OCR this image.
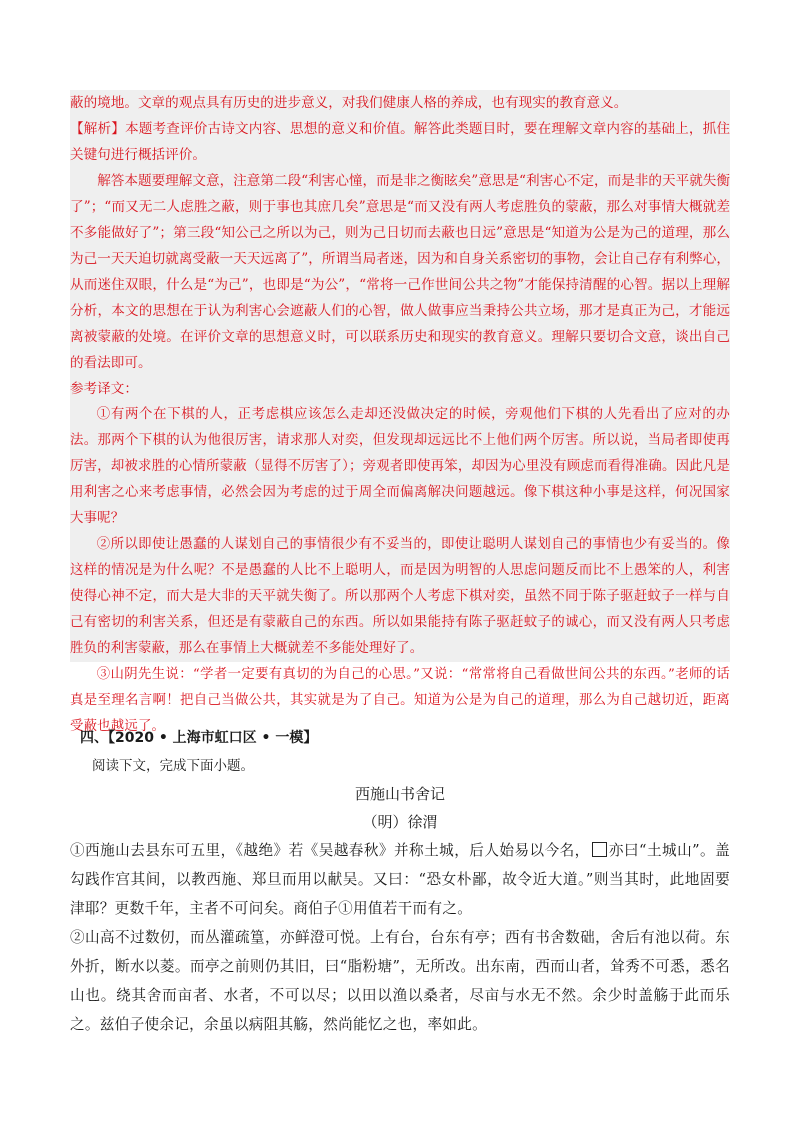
蔽的境地。文章的观点具有历史的进步意义，对我们健康人格的养成，也有现实的教育意义。

【解析】本题考查评价古诗文内容、思想的意义和价值。解答此类题目时，要在理解文章内容的基础上，抓住关键句进行概括评价。

解答本题要理解文意，注意第二段“利害心憧，而是非之衡眩矣”意思是“利害心不定，而是非的天平就失衡了”；“而又无二人虑胜之蔽，则于事也其庶几矣”意思是“而又没有两人考虑胜负的蒙蔽，那么对事情大概就差不多能做好了”；第三段“知公己之所以为己，则为己日切而去蔽也日远”意思是“知道为公是为己的道理，那么为己一天天迫切就离受蔽一天天远离了”，所谓当局者迷，因为和自身关系密切的事物，会让自己存有利弊心，从而迷住双眼，什么是“为己”，也即是“为公”，“常将一己作世间公共之物”才能保持清醒的心智。据以上理解分析，本文的思想在于认为利害心会遮蔽人们的心智，做人做事应当秉持公共立场，那才是真正为己，才能远离被蒙蔽的处境。在评价文章的思想意义时，可以联系历史和现实的教育意义。理解只要切合文意，谈出自己的看法即可。

参考译文：

①有两个在下棋的人，正考虑棋应该怎么走却还没做决定的时候，旁观他们下棋的人先看出了应对的办法。那两个下棋的认为他很厉害，请求那人对奕，但发现却远远比不上他们两个厉害。所以说，当局者即使再厉害，却被求胜的心情所蒙蔽（显得不厉害了）；旁观者即使再笨，却因为心里没有顾虑而看得准确。因此凡是用利害之心来考虑事情，必然会因为考虑的过于周全而偏离解决问题越远。像下棋这种小事是这样，何况国家大事呢？

②所以即使让愚蠢的人谋划自己的事情很少有不妥当的，即使让聪明人谋划自己的事情也少有妥当的。像这样的情况是为什么呢？不是愚蠢的人比不上聪明人，而是因为明智的人思虑问题反而比不上愚笨的人，利害使得心神不定，而大是大非的天平就失衡了。所以那两个人考虑下棋对奕，虽然不同于陈子驱赶蚊子一样与自己有密切的利害关系，但还是有蒙蔽自己的东西。所以如果能持有陈子驱赶蚊子的诚心，而又没有两人只考虑胜负的利害蒙蔽，那么在事情上大概就差不多能处理好了。

③山阴先生说：“学者一定要有真切的为自己的心思。”又说：“常常将自己看做世间公共的东西。”老师的话真是至理名言啊！把自己当做公共，其实就是为了自己。知道为公是为自己的道理，那么为自己越切近，距离受蔽也越远了。

四、【2020 • 上海市虹口区 • 一模】

阅读下文，完成下面小题。

西施山书舍记

（明）徐渭

①西施山去县东可五里，《越绝》若《吴越春秋》并称土城，后人始易以今名， 亦曰“土城山”。盖勾践作宫其间，以教西施、郑旦而用以献吴。又曰：“恐女朴鄙，故令近大道。”则当其时，此地固要津耶？更数千年，主者不可问矣。商伯子①用值若干而有之。

②山高不过数仞，而丛灌疏篁，亦鲜澄可悦。上有台，台东有亭；西有书舍数础，舍后有池以荷。东外折，断水以菱。而亭之前则仍其旧，曰“脂粉塘”，无所改。出东南，西而山者，耸秀不可悉，悉名山也。绕其舍而亩者、水者，不可以尽；以田以渔以桑者，尽亩与水无不然。余少时盖觞于此而乐之。兹伯子使余记，余虽以病阻其觞，然尚能忆之也，率如此。
